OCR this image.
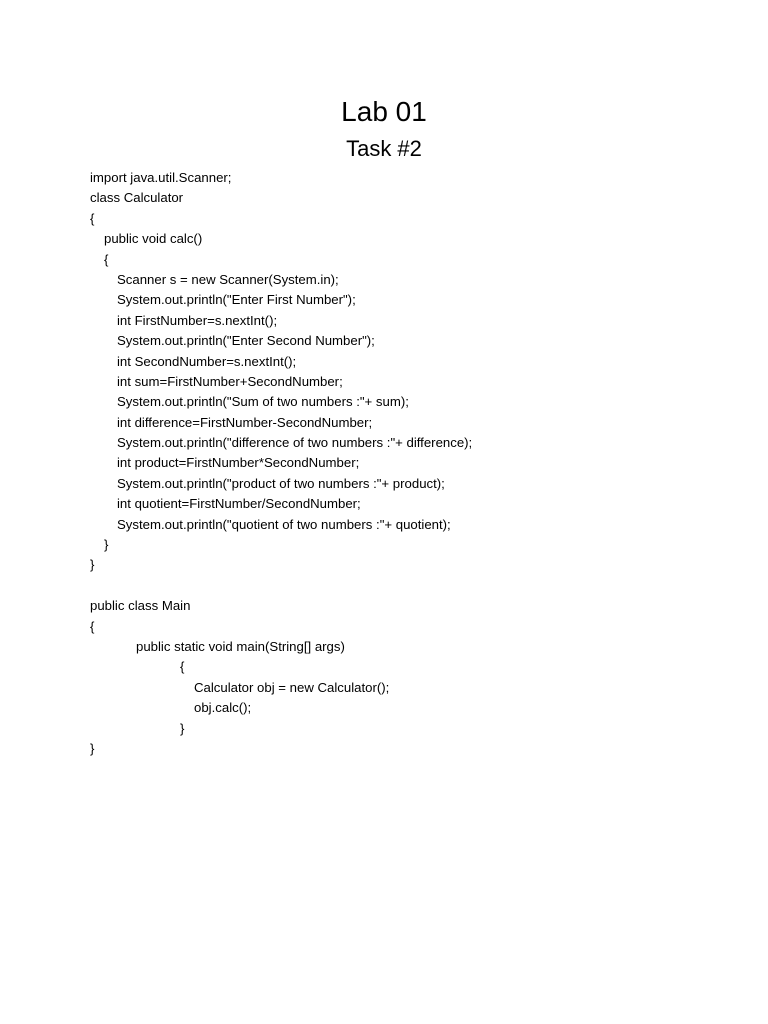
Lab 01
Task #2
import java.util.Scanner;
class Calculator
{
public void calc()
{
Scanner s = new Scanner(System.in);
System.out.println("Enter First Number");
int FirstNumber=s.nextInt();
System.out.println("Enter Second Number");
int SecondNumber=s.nextInt();
int sum=FirstNumber+SecondNumber;
System.out.println("Sum of two numbers :"+ sum);
int difference=FirstNumber-SecondNumber;
System.out.println("difference of two numbers :"+ difference);
int product=FirstNumber*SecondNumber;
System.out.println("product of two numbers :"+ product);
int quotient=FirstNumber/SecondNumber;
System.out.println("quotient of two numbers :"+ quotient);
}
}
public class Main
{
public static void main(String[] args)
{
Calculator obj = new Calculator();
obj.calc();
}
}
